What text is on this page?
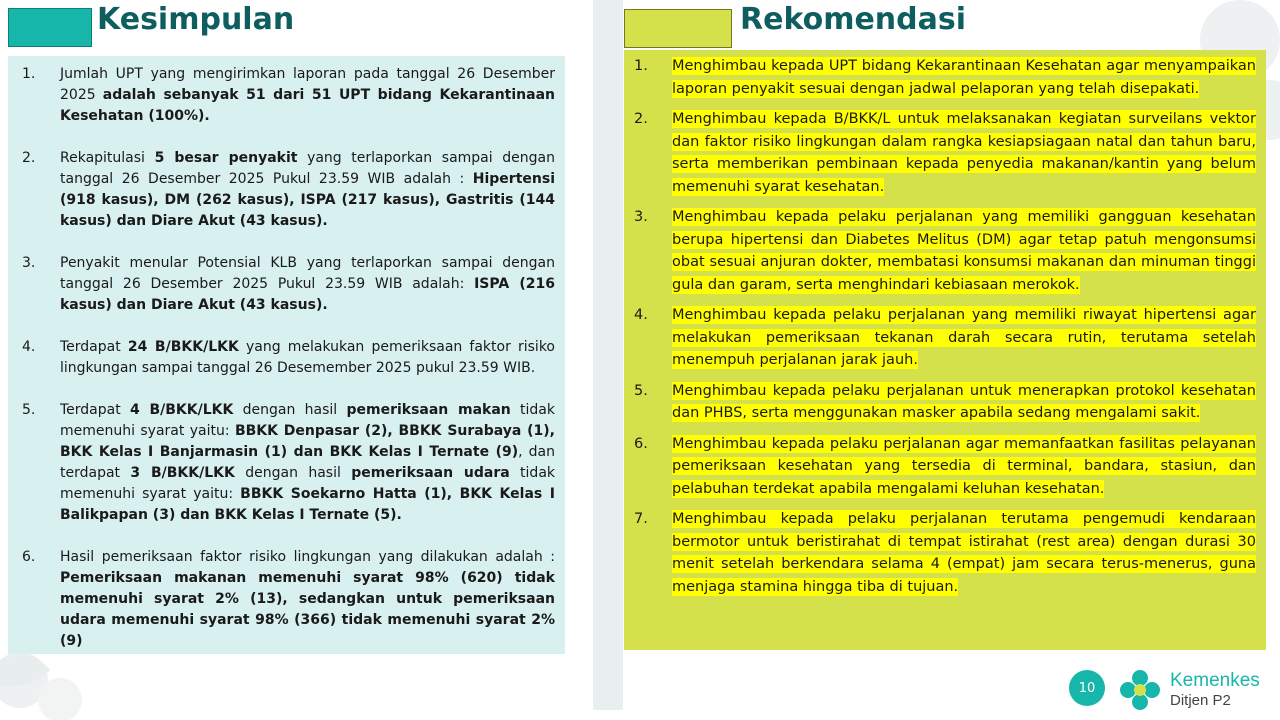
Kesimpulan
1. Jumlah UPT yang mengirimkan laporan pada tanggal 26 Desember 2025 adalah sebanyak 51 dari 51 UPT bidang Kekarantinaan Kesehatan (100%).
2. Rekapitulasi 5 besar penyakit yang terlaporkan sampai dengan tanggal 26 Desember 2025 Pukul 23.59 WIB adalah : Hipertensi (918 kasus), DM (262 kasus), ISPA (217 kasus), Gastritis (144 kasus) dan Diare Akut (43 kasus).
3. Penyakit menular Potensial KLB yang terlaporkan sampai dengan tanggal 26 Desember 2025 Pukul 23.59 WIB adalah: ISPA (216 kasus) dan Diare Akut (43 kasus).
4. Terdapat 24 B/BKK/LKK yang melakukan pemeriksaan faktor risiko lingkungan sampai tanggal 26 Desemember 2025 pukul 23.59 WIB.
5. Terdapat 4 B/BKK/LKK dengan hasil pemeriksaan makan tidak memenuhi syarat yaitu: BBKK Denpasar (2), BBKK Surabaya (1), BKK Kelas I Banjarmasin (1) dan BKK Kelas I Ternate (9), dan terdapat 3 B/BKK/LKK dengan hasil pemeriksaan udara tidak memenuhi syarat yaitu: BBKK Soekarno Hatta (1), BKK Kelas I Balikpapan (3) dan BKK Kelas I Ternate (5).
6. Hasil pemeriksaan faktor risiko lingkungan yang dilakukan adalah : Pemeriksaan makanan memenuhi syarat 98% (620) tidak memenuhi syarat 2% (13), sedangkan untuk pemeriksaan udara memenuhi syarat 98% (366) tidak memenuhi syarat 2% (9)
Rekomendasi
1. Menghimbau kepada UPT bidang Kekarantinaan Kesehatan agar menyampaikan laporan penyakit sesuai dengan jadwal pelaporan yang telah disepakati.
2. Menghimbau kepada B/BKK/L untuk melaksanakan kegiatan surveilans vektor dan faktor risiko lingkungan dalam rangka kesiapsiagaan natal dan tahun baru, serta memberikan pembinaan kepada penyedia makanan/kantin yang belum memenuhi syarat kesehatan.
3. Menghimbau kepada pelaku perjalanan yang memiliki gangguan kesehatan berupa hipertensi dan Diabetes Melitus (DM) agar tetap patuh mengonsumsi obat sesuai anjuran dokter, membatasi konsumsi makanan dan minuman tinggi gula dan garam, serta menghindari kebiasaan merokok.
4. Menghimbau kepada pelaku perjalanan yang memiliki riwayat hipertensi agar melakukan pemeriksaan tekanan darah secara rutin, terutama setelah menempuh perjalanan jarak jauh.
5. Menghimbau kepada pelaku perjalanan untuk menerapkan protokol kesehatan dan PHBS, serta menggunakan masker apabila sedang mengalami sakit.
6. Menghimbau kepada pelaku perjalanan agar memanfaatkan fasilitas pelayanan pemeriksaan kesehatan yang tersedia di terminal, bandara, stasiun, dan pelabuhan terdekat apabila mengalami keluhan kesehatan.
7. Menghimbau kepada pelaku perjalanan terutama pengemudi kendaraan bermotor untuk beristirahat di tempat istirahat (rest area) dengan durasi 30 menit setelah berkendara selama 4 (empat) jam secara terus-menerus, guna menjaga stamina hingga tiba di tujuan.
10	Kemenkes
Ditjen P2
